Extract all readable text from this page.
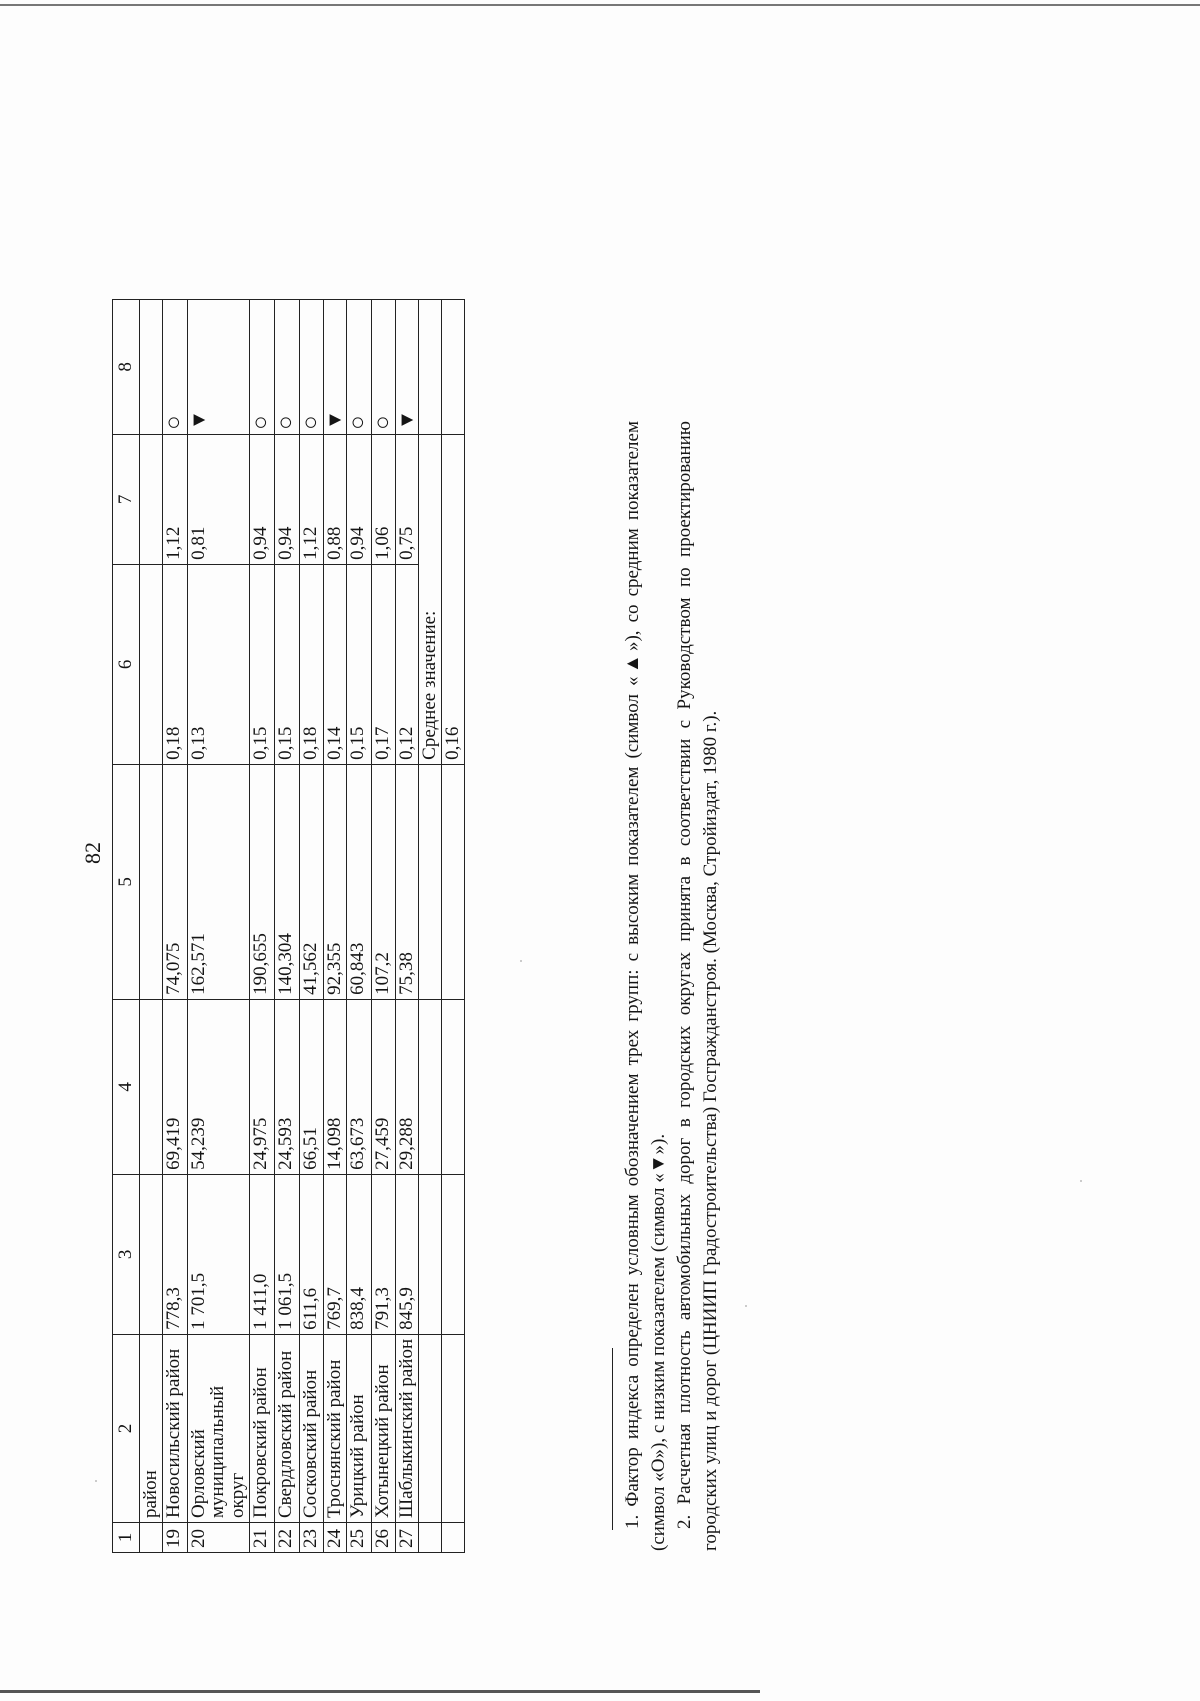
82
1	2	3	4	5	6	7	8
	район						
19	Новосильский район	778,3	69,419	74,075	0,18	1,12	○
20	Орловский муниципальный округ	1 701,5	54,239	162,571	0,13	0,81	▼
21	Покровский район	1 411,0	24,975	190,655	0,15	0,94	○
22	Свердловский район	1 061,5	24,593	140,304	0,15	0,94	○
23	Сосковский район	611,6	66,51	41,562	0,18	1,12	○
24	Троснянский район	769,7	14,098	92,355	0,14	0,88	▼
25	Урицкий район	838,4	63,673	60,843	0,15	0,94	○
26	Хотынецкий район	791,3	27,459	107,2	0,17	1,06	○
27	Шаблыкинский район	845,9	29,288	75,38	0,12	0,75	▼
					Среднее значение:		
					0,16			1. Фактор индекса определен условным обозначением трех групп: с высоким показателем (символ «▲»), со средним показателем (символ «О»), с низким показателем (символ «▼»). 2. Расчетная плотность автомобильных дорог в городских округах принята в соответствии с Руководством по проектированию городских улиц и дорог (ЦНИИП Градостроительства) Госгражданстроя. (Москва, Стройиздат, 1980 г.).
